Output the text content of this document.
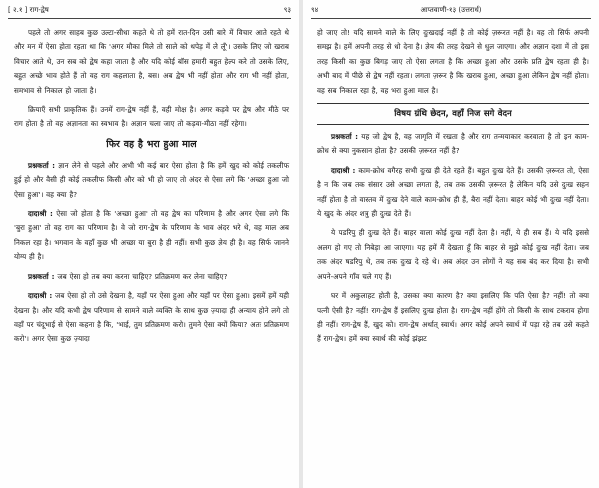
[ २.१ ] राग-द्वेष	९३
पहले तो अगर साहब कुछ उल्टा-सीधा कहते थे तो हमें रात-दिन उसी बारे में विचार आते रहते थे और मन में ऐसा होता रहता था कि 'अगर मौका मिले तो साले को थपेड़ में ले लूँ'। उसके लिए जो खराब विचार आते थे, उन सब को द्वेष कहा जाता है और यदि कोई बॉस हमारी बहुत हेल्प करे तो उसके लिए, बहुत अच्छे भाव होते हैं तो वह राग कहलाता है, बस। अब द्वेष भी नहीं होता और राग भी नहीं होता, समभाव से निकाल हो जाता है।
क्रियाएँ सभी प्राकृतिक हैं। उनमें राग-द्वेष नहीं हैं, वही मोक्ष है। अगर कड़वे पर द्वेष और मीठे पर राग होता है तो वह अज्ञानता का स्वभाव है। अज्ञान चला जाए तो कड़वा-मीठा नहीं रहेगा।
फिर वह है भरा हुआ माल
प्रश्नकर्ता : ज्ञान लेने से पहले और अभी भी कई बार ऐसा होता है कि हमें खुद को कोई तकलीफ हुई हो और वैसी ही कोई तकलीफ किसी और को भी हो जाए तो अंदर से ऐसा लगे कि 'अच्छा हुआ जो ऐसा हुआ'। वह क्या है?
दादाश्री : ऐसा जो होता है कि 'अच्छा हुआ' तो वह द्वेष का परिणाम है और अगर ऐसा लगे कि 'बुरा हुआ' तो वह राग का परिणाम है। वे जो राग-द्वेष के परिणाम के भाव अंदर भरे थे, वह माल अब निकल रहा है। भगवान के वहाँ कुछ भी अच्छा या बुरा है ही नहीं। सभी कुछ ज्ञेय ही है। वह सिर्फ जानने योग्य ही है।
प्रश्नकर्ता : जब ऐसा हो तब क्या करना चाहिए? प्रतिक्रमण कर लेना चाहिए?
दादाश्री : जब ऐसा हो तो उसे देखना है, यहाँ पर ऐसा हुआ और यहाँ पर ऐसा हुआ। इसमें हमें यही देखना है। और यदि कभी द्वेष परिणाम से सामने वाले व्यक्ति के साथ कुछ ज़्यादा ही अन्याय होने लगे तो वहाँ पर चंदूभाई से ऐसा कहना है कि, 'भाई, तुम प्रतिक्रमण करो। तुमने ऐसा क्यों किया? अतः प्रतिक्रमण करो'। अगर ऐसा कुछ ज़्यादा
९४	आप्तवाणी-१३ (उत्तरार्ध)
हो जाए तो! यदि सामने वाले के लिए दुःखदाई नहीं है तो कोई ज़रूरत नहीं है। वह तो सिर्फ अपनी समझ है। हमें अपनी तरह से धो देना है। ज्ञेय की तरह देखने से धुल जाएगा। और अज्ञान दशा में तो इस तरह किसी का कुछ बिगड़ जाए तो ऐसा लगता है कि अच्छा हुआ और उसके प्रति द्वेष रहता ही है। अभी बाद में पीछे से द्वेष नहीं रहता। लगता ज़रूर है कि खराब हुआ, अच्छा हुआ लेकिन द्वेष नहीं होता। वह सब निकाल रहा है, वह भरा हुआ माल है।
विषय ग्रंथि छेदन, वहाँ निज सगे वेदन
प्रश्नकर्ता : यह जो द्वेष है, वह जागृति में रखता है और राग तन्मयाकार करवाता है तो इन काम-क्रोध से क्या नुकसान होता है? उसकी ज़रूरत नहीं है?
दादाश्री : काम-क्रोध वगैरह सभी दुःख ही देते रहते हैं। बहुत दुःख देते हैं। उसकी ज़रूरत तो, ऐसा है न कि जब तक संसार उसे अच्छा लगता है, तब तक उसकी ज़रूरत है लेकिन यदि उसे दुःख सहन नहीं होता है तो वास्तव में दुःख देने वाले काम-क्रोध ही हैं, बैरा नहीं देता। बाहर कोई भी दुःख नहीं देता। ये खुद के अंदर शत्रु ही दुःख देते हैं।
ये पडरिपु ही दुःख देते हैं। बाहर वाला कोई दुःख नहीं देता है। नहीं, ये ही सब हैं। ये यदि इससे अलग हो गए तो निबेड़ा आ जाएगा। यह हमें मैं देखता हूँ कि बाहर से मुझे कोई दुःख नहीं देता। जब तक अंदर षडरिपु थे, तब तक दुःख दे रहे थे। अब अंदर उन लोगों ने यह सब बंद कर दिया है। सभी अपने-अपने गाँव चले गए हैं।
घर में अकुलाहट होती है, उसका क्या कारण है? क्या इसलिए कि पति ऐसा है? नहीं! तो क्या पत्नी ऐसी है? नहीं! राग-द्वेष हैं इसलिए दुःख होता है। राग-द्वेष नहीं होंगे तो किसी के साथ टकराव होगा ही नहीं। राग-द्वेष हैं, खुद को। राग-द्वेष अर्थात् स्वार्थ। अगर कोई अपने स्वार्थ में पड़ा रहे तब उसे कहते हैं राग-द्वेष। हमें क्या स्वार्थ की कोई झंझट
